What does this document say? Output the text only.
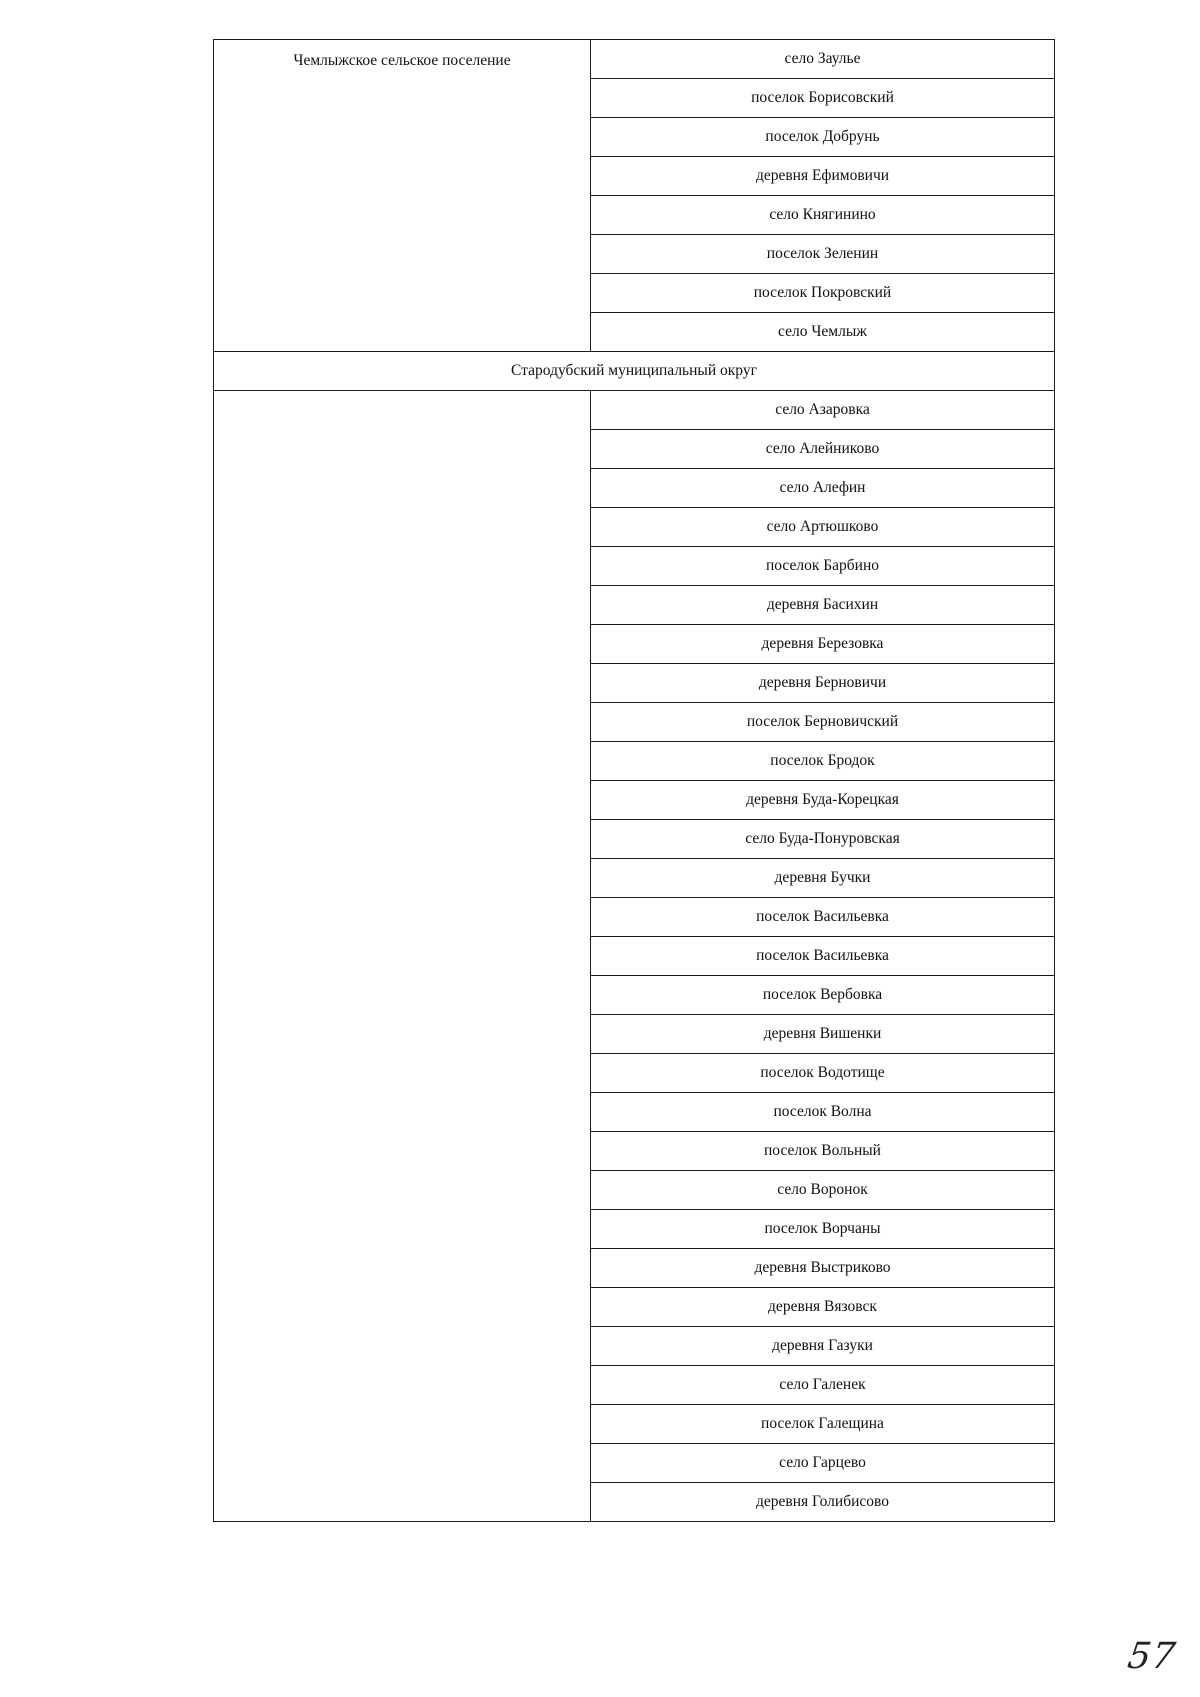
Чемлыжское сельское поселение	село Заулье
	поселок Борисовский
	поселок Добрунь
	деревня Ефимовичи
	село Княгинино
	поселок Зеленин
	поселок Покровский
	село Чемлыж
Стародубский муниципальный округ	
	село Азаровка
	село Алейниково
	село Алефин
	село Артюшково
	поселок Барбино
	деревня Басихин
	деревня Березовка
	деревня Берновичи
	поселок Берновичский
	поселок Бродок
	деревня Буда-Корецкая
	село Буда-Понуровская
	деревня Бучки
	поселок Васильевка
	поселок Васильевка
	поселок Вербовка
	деревня Вишенки
	поселок Водотище
	поселок Волна
	поселок Вольный
	село Воронок
	поселок Ворчаны
	деревня Выстриково
	деревня Вязовск
	деревня Газуки
	село Галенек
	поселок Галещина
	село Гарцево
	деревня Голибисово
57
